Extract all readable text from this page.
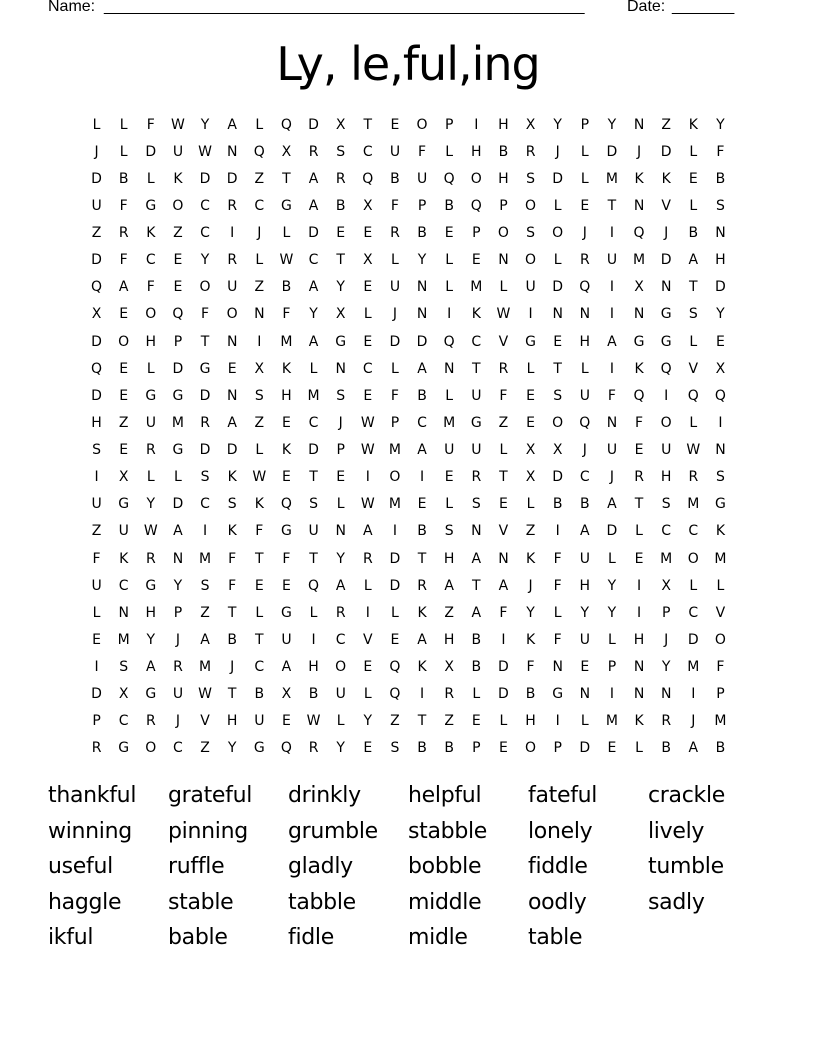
Name:

______________________________________________________

	Date:

_______

Ly, le,ful,ing
L	L	F	W	Y	A	L	Q	D	X	T	E	O	P	I	H	X	Y	P	Y	N	Z	K	Y
J	L	D	U	W	N	Q	X	R	S	C	U	F	L	H	B	R	J	L	D	J	D	L	F
D	B	L	K	D	D	Z	T	A	R	Q	B	U	Q	O	H	S	D	L	M	K	K	E	B
U	F	G	O	C	R	C	G	A	B	X	F	P	B	Q	P	O	L	E	T	N	V	L	S
Z	R	K	Z	C	I	J	L	D	E	E	R	B	E	P	O	S	O	J	I	Q	J	B	N
D	F	C	E	Y	R	L	W	C	T	X	L	Y	L	E	N	O	L	R	U	M	D	A	H
Q	A	F	E	O	U	Z	B	A	Y	E	U	N	L	M	L	U	D	Q	I	X	N	T	D
X	E	O	Q	F	O	N	F	Y	X	L	J	N	I	K	W	I	N	N	I	N	G	S	Y
D	O	H	P	T	N	I	M	A	G	E	D	D	Q	C	V	G	E	H	A	G	G	L	E
Q	E	L	D	G	E	X	K	L	N	C	L	A	N	T	R	L	T	L	I	K	Q	V	X
D	E	G	G	D	N	S	H	M	S	E	F	B	L	U	F	E	S	U	F	Q	I	Q	Q
H	Z	U	M	R	A	Z	E	C	J	W	P	C	M	G	Z	E	O	Q	N	F	O	L	I
S	E	R	G	D	D	L	K	D	P	W	M	A	U	U	L	X	X	J	U	E	U	W	N
I	X	L	L	S	K	W	E	T	E	I	O	I	E	R	T	X	D	C	J	R	H	R	S
U	G	Y	D	C	S	K	Q	S	L	W	M	E	L	S	E	L	B	B	A	T	S	M	G
Z	U	W	A	I	K	F	G	U	N	A	I	B	S	N	V	Z	I	A	D	L	C	C	K
F	K	R	N	M	F	T	F	T	Y	R	D	T	H	A	N	K	F	U	L	E	M	O	M
U	C	G	Y	S	F	E	E	Q	A	L	D	R	A	T	A	J	F	H	Y	I	X	L	L
L	N	H	P	Z	T	L	G	L	R	I	L	K	Z	A	F	Y	L	Y	Y	I	P	C	V
E	M	Y	J	A	B	T	U	I	C	V	E	A	H	B	I	K	F	U	L	H	J	D	O
I	S	A	R	M	J	C	A	H	O	E	Q	K	X	B	D	F	N	E	P	N	Y	M	F
D	X	G	U	W	T	B	X	B	U	L	Q	I	R	L	D	B	G	N	I	N	N	I	P
P	C	R	J	V	H	U	E	W	L	Y	Z	T	Z	E	L	H	I	L	M	K	R	J	M
R	G	O	C	Z	Y	G	Q	R	Y	E	S	B	B	P	E	O	P	D	E	L	B	A	B
thankful	grateful	drinkly	helpful	fateful	crackle
winning	pinning	grumble	stabble	lonely	lively
useful	ruffle	gladly	bobble	fiddle	tumble
haggle	stable	tabble	middle	oodly	sadly
ikful	bable	fidle	midle	table
